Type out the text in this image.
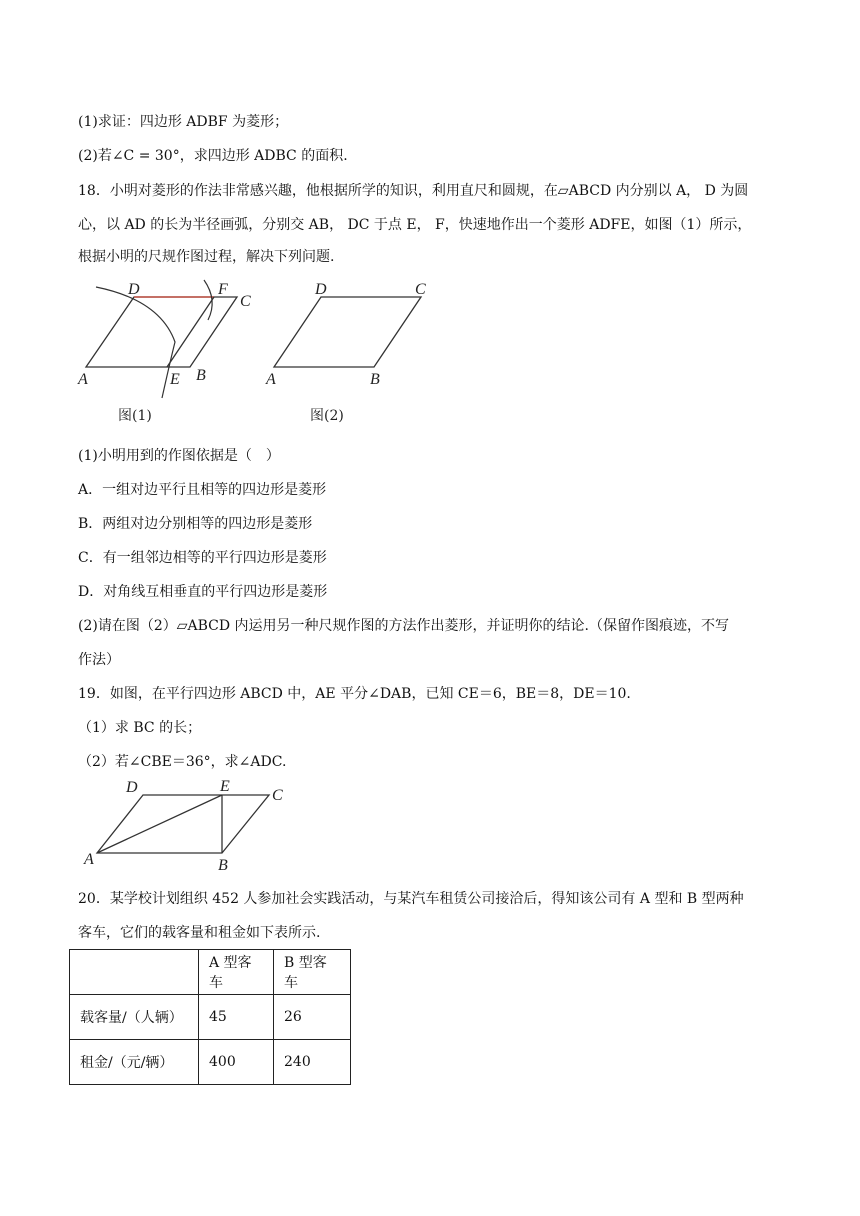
(1)求证：四边形 ADBF 为菱形；
(2)若∠C = 30°，求四边形 ADBC 的面积.
18．小明对菱形的作法非常感兴趣，他根据所学的知识，利用直尺和圆规，在▱ABCD 内分别以 A， D 为圆
心，以 AD 的长为半径画弧，分别交 AB， DC 于点 E， F，快速地作出一个菱形 ADFE，如图（1）所示，
根据小明的尺规作图过程，解决下列问题.
D	F
C
A	E B
图(1)
D	C
A	B
图(2)
(1)小明用到的作图依据是（　）
A．一组对边平行且相等的四边形是菱形
B．两组对边分别相等的四边形是菱形
C．有一组邻边相等的平行四边形是菱形
D．对角线互相垂直的平行四边形是菱形
(2)请在图（2）▱ABCD 内运用另一种尺规作图的方法作出菱形，并证明你的结论.（保留作图痕迹，不写
作法）
19．如图，在平行四边形 ABCD 中，AE 平分∠DAB，已知 CE＝6，BE＝8，DE＝10.
（1）求 BC 的长；
（2）若∠CBE＝36°，求∠ADC.
D	E
C
A	B
20．某学校计划组织 452 人参加社会实践活动，与某汽车租赁公司接洽后，得知该公司有 A 型和 B 型两种
客车，它们的载客量和租金如下表所示.
	A 型客车	B 型客车
载客量/（人辆）	45	26
租金/（元/辆）	400	240
